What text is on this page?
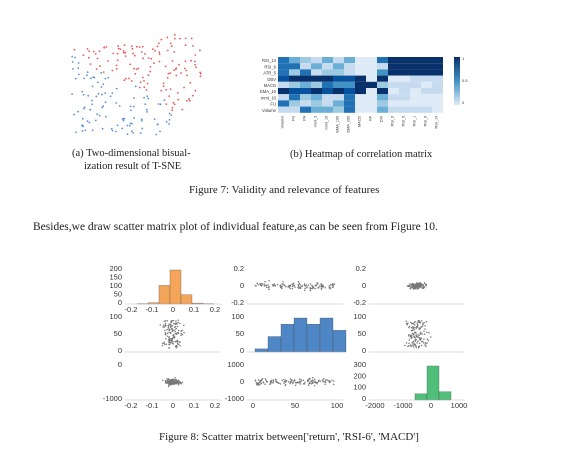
(a) Two-dimensional bisual-
ization result of T-SNE
RSI_14
RSI_6
ATR_5
OBV
MACD
EMA_10
mmt_10
FU
Volume
Volume FU PA mmt_3 mmt_10 EMA_100 EMA_200 MACD KF DIV RSI_6 RSI_9 RSI_1 RSI_6 RSI_14
1
0.5
0
(b) Heatmap of correlation matrix
Figure 7: Validity and relevance of features
Besides,we draw scatter matrix plot of individual feature,as can be seen from Figure 10.
200
150
100
50
0
100
50
0
300
200
100
0
-2000 -1000 0 1000
100
50
0
0
-1000
-0.2 -0.1 0 0.1 0.2
0.2
0
-0.2
1000
0
-1000
0	50	100
0.2
0
-0.2
100
50
0
-0.2 -0.1 0 0.1 0.2
Figure 8: Scatter matrix between['return', 'RSI-6', 'MACD']
